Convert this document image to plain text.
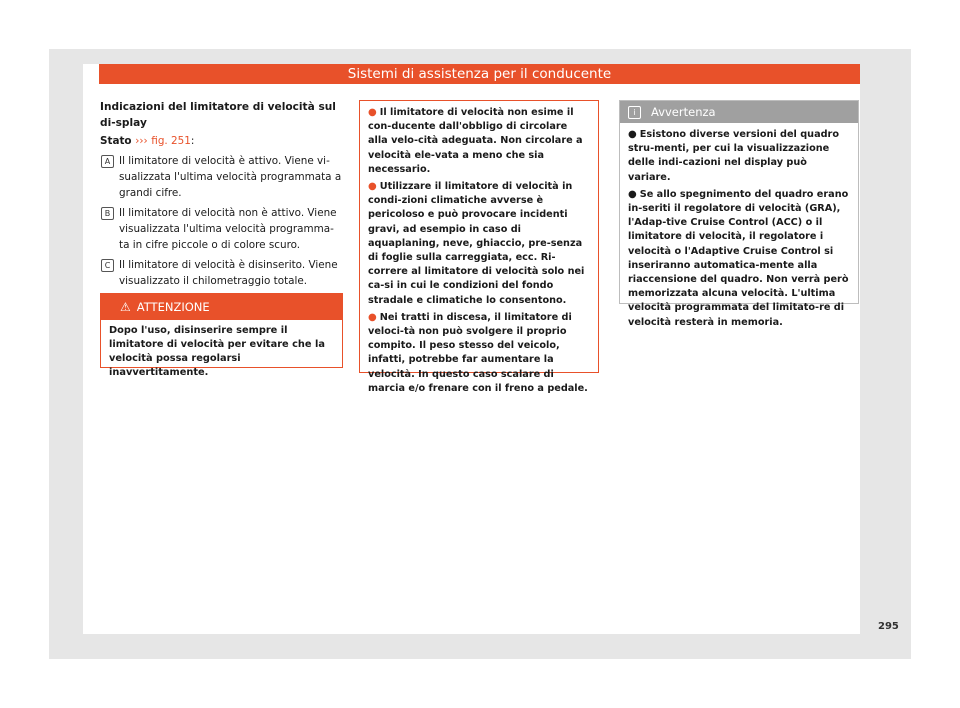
Sistemi di assistenza per il conducente
Indicazioni del limitatore di velocità sul di-splay
Stato ››› fig. 251:
A Il limitatore di velocità è attivo. Viene vi-sualizzata l'ultima velocità programmata a grandi cifre.
B Il limitatore di velocità non è attivo. Viene visualizzata l'ultima velocità programma-ta in cifre piccole o di colore scuro.
C Il limitatore di velocità è disinserito. Viene visualizzato il chilometraggio totale.
⚠ ATTENZIONE
Dopo l'uso, disinserire sempre il limitatore di velocità per evitare che la velocità possa regolarsi inavvertitamente.

● Il limitatore di velocità non esime il con-ducente dall'obbligo di circolare alla velo-cità adeguata. Non circolare a velocità ele-vata a meno che sia necessario.

● Utilizzare il limitatore di velocità in condi-zioni climatiche avverse è pericoloso e può provocare incidenti gravi, ad esempio in caso di aquaplaning, neve, ghiaccio, pre-senza di foglie sulla carreggiata, ecc. Ri-correre al limitatore di velocità solo nei ca-si in cui le condizioni del fondo stradale e climatiche lo consentono.

● Nei tratti in discesa, il limitatore di veloci-tà non può svolgere il proprio compito. Il peso stesso del veicolo, infatti, potrebbe far aumentare la velocità. In questo caso scalare di marcia e/o frenare con il freno a pedale.

i Avvertenza

● Esistono diverse versioni del quadro stru-menti, per cui la visualizzazione delle indi-cazioni nel display può variare.

● Se allo spegnimento del quadro erano in-seriti il regolatore di velocità (GRA), l'Adap-tive Cruise Control (ACC) o il limitatore di velocità, il regolatore i velocità o l'Adaptive Cruise Control si inseriranno automatica-mente alla riaccensione del quadro. Non verrà però memorizzata alcuna velocità. L'ultima velocità programmata del limitato-re di velocità resterà in memoria.

295
